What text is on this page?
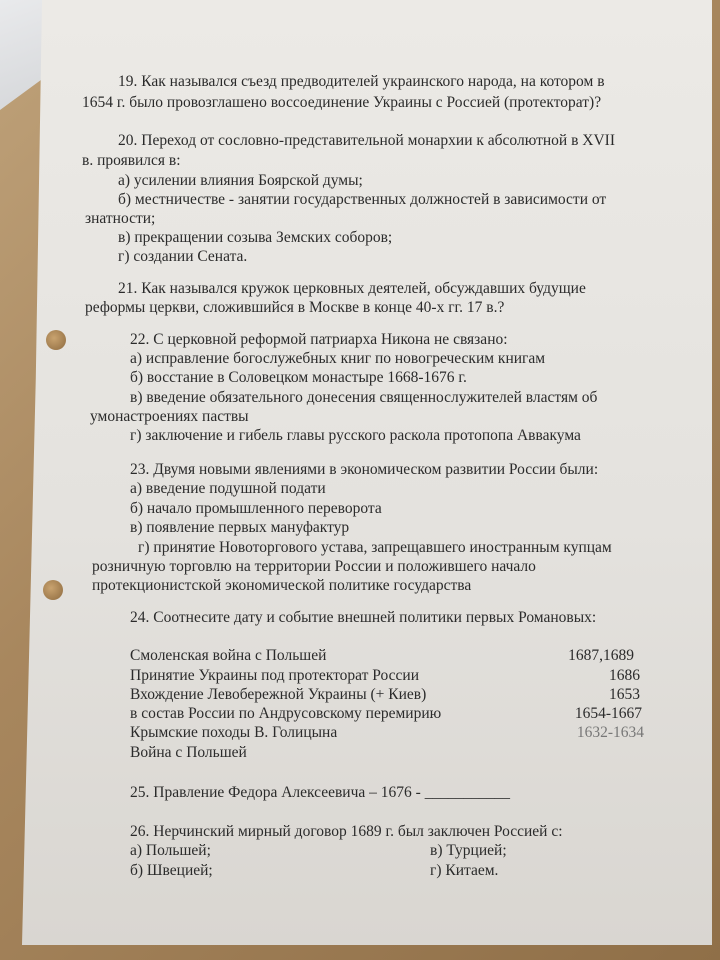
19. Как назывался съезд предводителей украинского народа, на котором в
1654 г. было провозглашено воссоединение Украины с Россией (протекторат)?
20. Переход от сословно-представительной монархии к абсолютной в XVII
в. проявился в:
а) усилении влияния Боярской думы;
б) местничестве - занятии государственных должностей в зависимости от
знатности;
в) прекращении созыва Земских соборов;
г) создании Сената.
21. Как назывался кружок церковных деятелей, обсуждавших будущие
реформы церкви, сложившийся в Москве в конце 40-х гг. 17 в.?
22. С церковной реформой патриарха Никона не связано:
а) исправление богослужебных книг по новогреческим книгам
б) восстание в Соловецком монастыре 1668-1676 г.
в) введение обязательного донесения священнослужителей властям об
умонастроениях паствы
г) заключение и гибель главы русского раскола протопопа Аввакума
23. Двумя новыми явлениями в экономическом развитии России были:
а) введение подушной подати
б) начало промышленного переворота
в) появление первых мануфактур
г) принятие Новоторгового устава, запрещавшего иностранным купцам
розничную торговлю на территории России и положившего начало
протекционистской экономической политике государства
24. Соотнесите дату и событие внешней политики первых Романовых:
Смоленская война с Польшей
Принятие Украины под протекторат России
Вхождение Левобережной Украины (+ Киев)
в состав России по Андрусовскому перемирию
Крымские походы В. Голицына
Война с Польшей
1687,1689
1686
1653
1654-1667
1632-1634
25. Правление Федора Алексеевича – 1676 - ___________
26. Нерчинский мирный договор 1689 г. был заключен Россией с:
а) Польшей;
б) Швецией;
в) Турцией;
г) Китаем.
